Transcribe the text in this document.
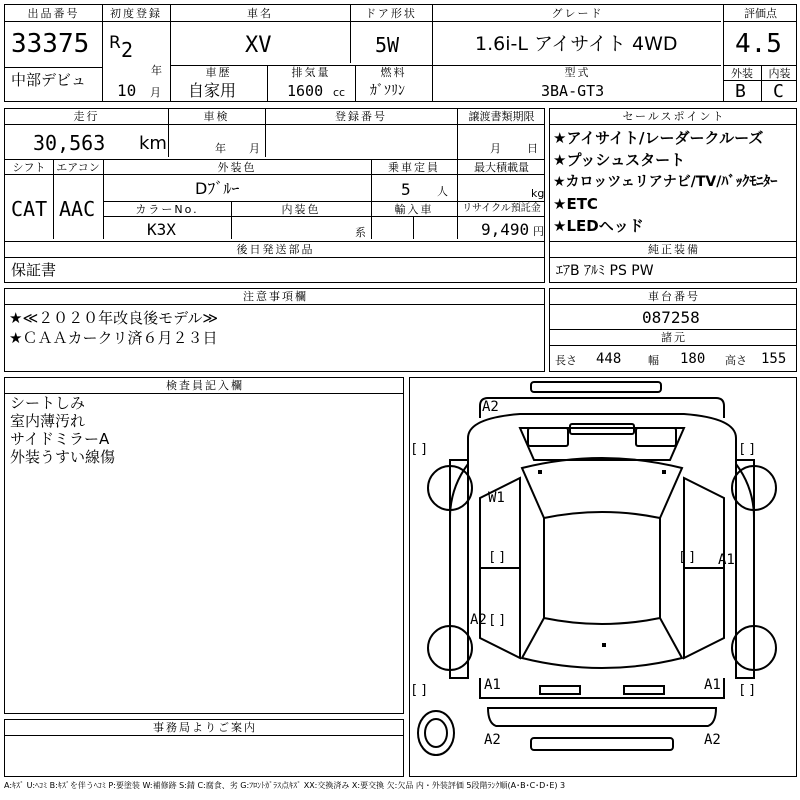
出品番号
33375
中部デビュ
初度登録
R 2
年
10 月
車名
XV
ドア形状
5W
グレード
1.6i-L アイサイト 4WD
車歴
自家用
排気量
1600 cc
燃料
ｶﾞｿﾘﾝ
型式
3BA-GT3
評価点
4.5
外装	内装
B C
走行
30,563 km
車検
年 月
登録番号	譲渡書類期限
月 日
シフト
CAT
エアコン
AAC
外装色
Dﾌﾞﾙｰ
乗車定員
5 人
最大積載量
kg
カラーNo.
K3X
内装色
系
輸入車	リサイクル預託金
9,490 円
後日発送部品
保証書
セールスポイント
★アイサイト/レーダークルーズ
★プッシュスタート
★カロッツェリアナビ/TV/ﾊﾞｯｸﾓﾆﾀｰ
★ETC
★LEDヘッド
純正装備
ｴｱB ｱﾙﾐ PS PW
注意事項欄
★≪２０２０年改良後モデル≫
★ＣＡＡカークリ済６月２３日
車台番号
087258
諸元
長さ 448 幅 180 高さ 155
検査員記入欄
シートしみ
室内薄汚れ
サイドミラーA
外装うすい線傷
事務局よりご案内
A2
W1
A1
A2
A1	A1
A2	A2
[ ]	[ ]
[ ]	[ ]
[ ]
[ ]	[ ]
A:ｷｽﾞ U:ﾍｺﾐ B:ｷｽﾞを伴うﾍｺﾐ P:要塗装 W:補修跡 S:錆 C:腐食、劣 G:ﾌﾛﾝﾄｶﾞﾗｽ点ｷｽﾞ XX:交換済み X:要交換 欠:欠品 内・外装評価 5段階ﾗﾝｸ順(A･B･C･D･E) 3
